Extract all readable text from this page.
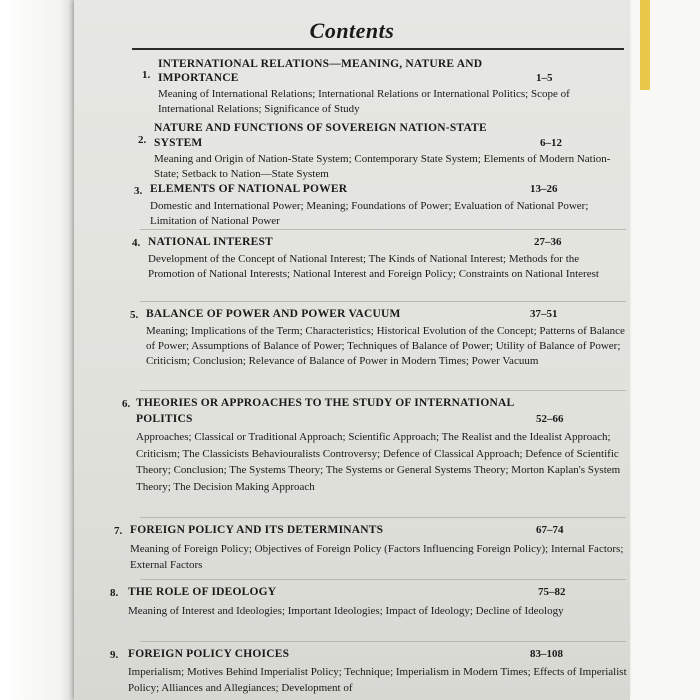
Contents
1.
INTERNATIONAL RELATIONS—MEANING, NATURE AND
IMPORTANCE	1–5
Meaning of International Relations; International Relations or International Politics; Scope of International Relations; Significance of Study
2.
NATURE AND FUNCTIONS OF SOVEREIGN NATION-STATE
SYSTEM	6–12
Meaning and Origin of Nation-State System; Contemporary State System; Elements of Modern Nation-State; Setback to Nation—State System
3. ELEMENTS OF NATIONAL POWER	13–26
Domestic and International Power; Meaning; Foundations of Power; Evaluation of National Power; Limitation of National Power
4. NATIONAL INTEREST	27–36
Development of the Concept of National Interest; The Kinds of National Interest; Methods for the Promotion of National Interests; National Interest and Foreign Policy; Constraints on National Interest
5. BALANCE OF POWER AND POWER VACUUM	37–51
Meaning; Implications of the Term; Characteristics; Historical Evolution of the Concept; Patterns of Balance of Power; Assumptions of Balance of Power; Techniques of Balance of Power; Utility of Balance of Power; Criticism; Conclusion; Relevance of Balance of Power in Modern Times; Power Vacuum
6. THEORIES OR APPROACHES TO THE STUDY OF INTERNATIONAL
POLITICS	52–66
Approaches; Classical or Traditional Approach; Scientific Approach; The Realist and the Idealist Approach; Criticism; The Classicists Behaviouralists Controversy; Defence of Classical Approach; Defence of Scientific Theory; Conclusion; The Systems Theory; The Systems or General Systems Theory; Morton Kaplan's System Theory; The Decision Making Approach
7. FOREIGN POLICY AND ITS DETERMINANTS	67–74
Meaning of Foreign Policy; Objectives of Foreign Policy (Factors Influencing Foreign Policy); Internal Factors; External Factors
8. THE ROLE OF IDEOLOGY	75–82
Meaning of Interest and Ideologies; Important Ideologies; Impact of Ideology; Decline of Ideology
9. FOREIGN POLICY CHOICES	83–108
Imperialism; Motives Behind Imperialist Policy; Technique; Imperialism in Modern Times; Effects of Imperialist Policy; Alliances and Allegiances; Development of
